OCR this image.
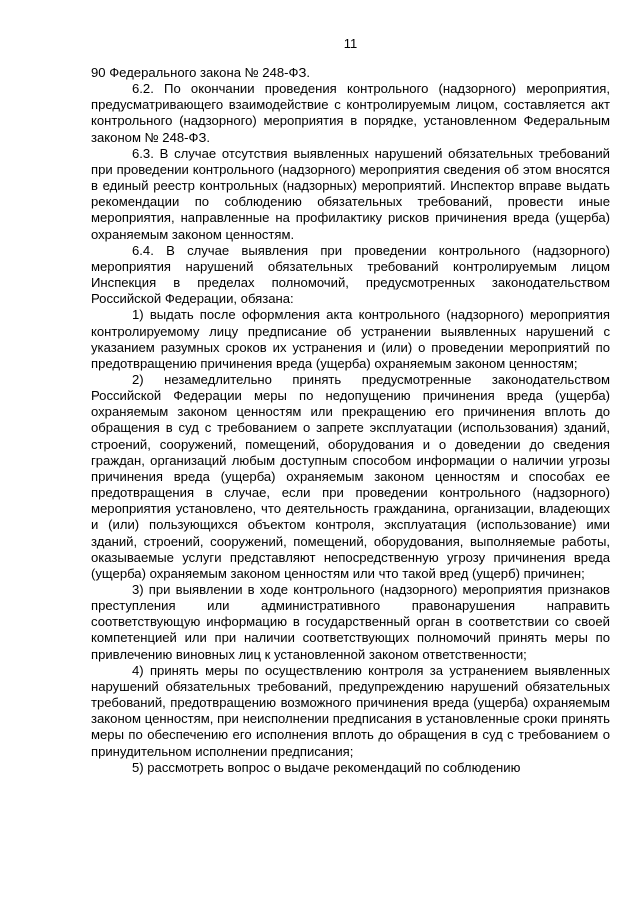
11

90 Федерального закона № 248-ФЗ.

6.2. По окончании проведения контрольного (надзорного) мероприятия, предусматривающего взаимодействие с контролируемым лицом, составляется акт контрольного (надзорного) мероприятия в порядке, установленном Федеральным законом № 248-ФЗ.

6.3. В случае отсутствия выявленных нарушений обязательных требований при проведении контрольного (надзорного) мероприятия сведения об этом вносятся в единый реестр контрольных (надзорных) мероприятий. Инспектор вправе выдать рекомендации по соблюдению обязательных требований, провести иные мероприятия, направленные на профилактику рисков причинения вреда (ущерба) охраняемым законом ценностям.

6.4. В случае выявления при проведении контрольного (надзорного) мероприятия нарушений обязательных требований контролируемым лицом Инспекция в пределах полномочий, предусмотренных законодательством Российской Федерации, обязана:

1) выдать после оформления акта контрольного (надзорного) мероприятия контролируемому лицу предписание об устранении выявленных нарушений с указанием разумных сроков их устранения и (или) о проведении мероприятий по предотвращению причинения вреда (ущерба) охраняемым законом ценностям;

2) незамедлительно принять предусмотренные законодательством Российской Федерации меры по недопущению причинения вреда (ущерба) охраняемым законом ценностям или прекращению его причинения вплоть до обращения в суд с требованием о запрете эксплуатации (использования) зданий, строений, сооружений, помещений, оборудования и о доведении до сведения граждан, организаций любым доступным способом информации о наличии угрозы причинения вреда (ущерба) охраняемым законом ценностям и способах ее предотвращения в случае, если при проведении контрольного (надзорного) мероприятия установлено, что деятельность гражданина, организации, владеющих и (или) пользующихся объектом контроля, эксплуатация (использование) ими зданий, строений, сооружений, помещений, оборудования, выполняемые работы, оказываемые услуги представляют непосредственную угрозу причинения вреда (ущерба) охраняемым законом ценностям или что такой вред (ущерб) причинен;

3) при выявлении в ходе контрольного (надзорного) мероприятия признаков преступления или административного правонарушения направить соответствующую информацию в государственный орган в соответствии со своей компетенцией или при наличии соответствующих полномочий принять меры по привлечению виновных лиц к установленной законом ответственности;

4) принять меры по осуществлению контроля за устранением выявленных нарушений обязательных требований, предупреждению нарушений обязательных требований, предотвращению возможного причинения вреда (ущерба) охраняемым законом ценностям, при неисполнении предписания в установленные сроки принять меры по обеспечению его исполнения вплоть до обращения в суд с требованием о принудительном исполнении предписания;

5) рассмотреть вопрос о выдаче рекомендаций по соблюдению
